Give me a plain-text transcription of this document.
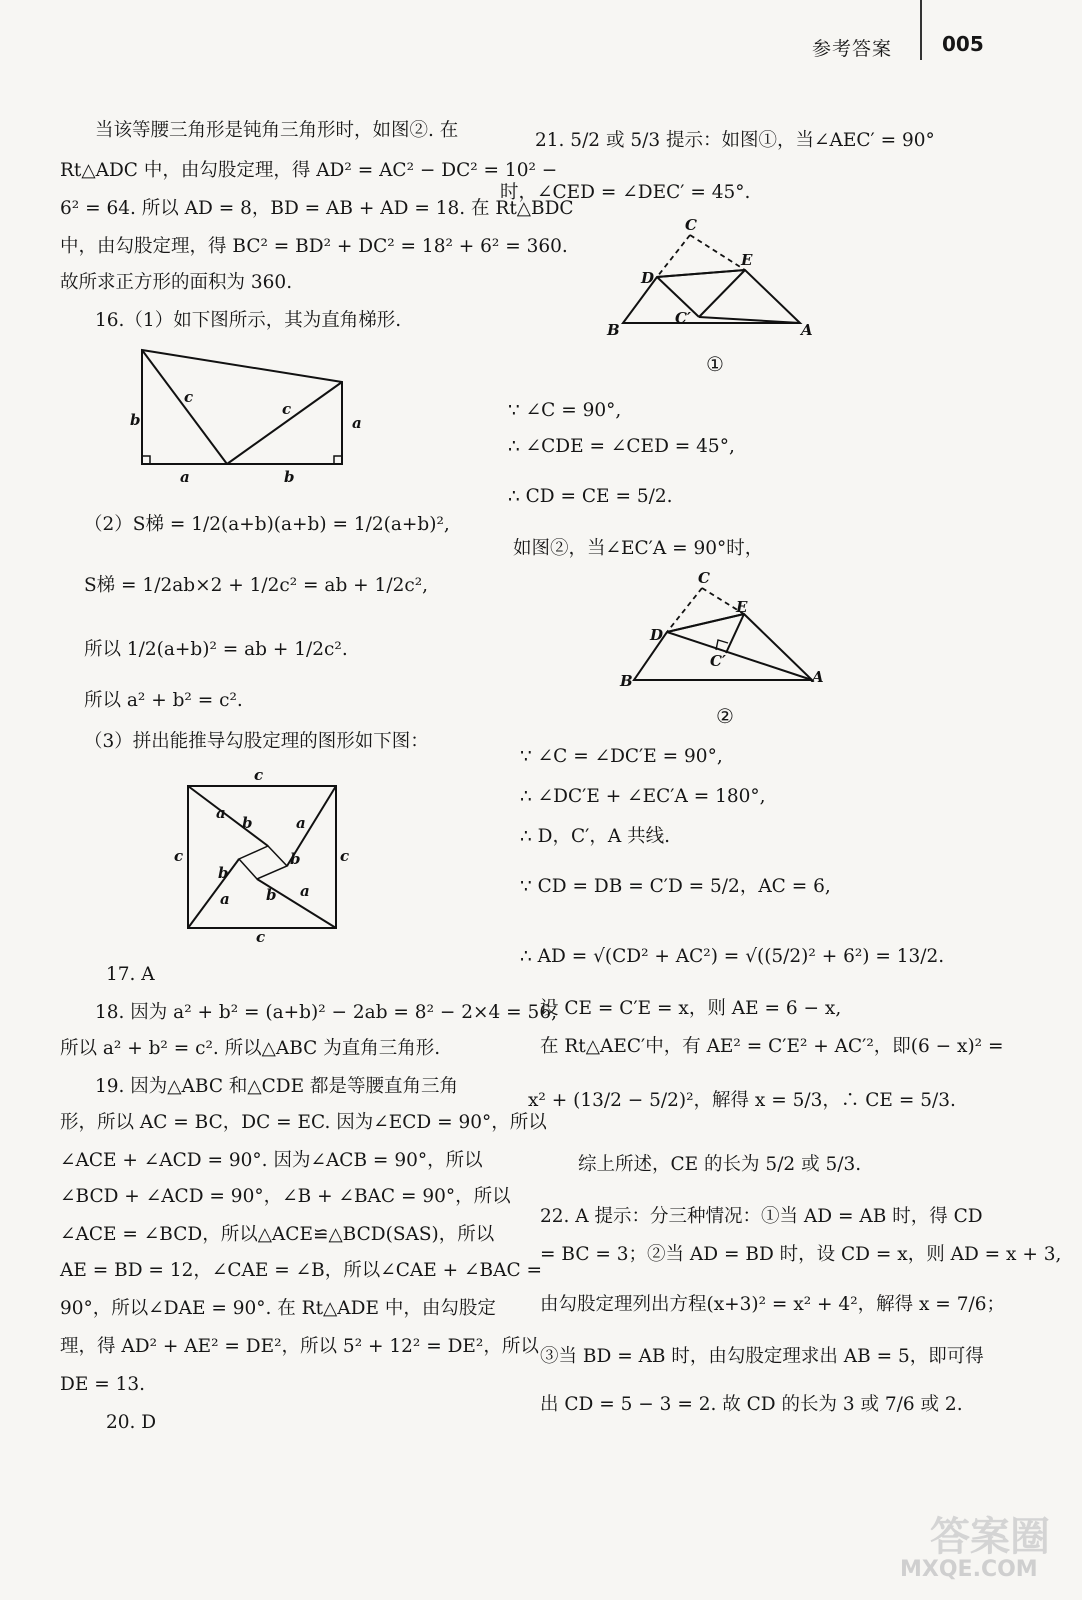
参考答案 005
当该等腰三角形是钝角三角形时，如图②. 在
Rt△ADC 中，由勾股定理，得 AD² = AC² − DC² = 10² −
6² = 64. 所以 AD = 8，BD = AB + AD = 18. 在 Rt△BDC
中，由勾股定理，得 BC² = BD² + DC² = 18² + 6² = 360.
故所求正方形的面积为 360.
16.（1）如下图所示，其为直角梯形.
b	a
c
c
a	b
（2）S梯 = 1/2(a+b)(a+b) = 1/2(a+b)²,
S梯 = 1/2ab×2 + 1/2c² = ab + 1/2c²,
所以 1/2(a+b)² = ab + 1/2c².
所以 a² + b² = c².
（3）拼出能推导勾股定理的图形如下图：
c
c	c
c
a
b	a
b
b
a b a
17. A
18. 因为 a² + b² = (a+b)² − 2ab = 8² − 2×4 = 56,
所以 a² + b² = c². 所以△ABC 为直角三角形.
19. 因为△ABC 和△CDE 都是等腰直角三角
形，所以 AC = BC，DC = EC. 因为∠ECD = 90°，所以
∠ACE + ∠ACD = 90°. 因为∠ACB = 90°，所以
∠BCD + ∠ACD = 90°，∠B + ∠BAC = 90°，所以
∠ACE = ∠BCD，所以△ACE≌△BCD(SAS)，所以
AE = BD = 12，∠CAE = ∠B，所以∠CAE + ∠BAC =
90°，所以∠DAE = 90°. 在 Rt△ADE 中，由勾股定
理，得 AD² + AE² = DE²，所以 5² + 12² = DE²，所以
DE = 13.
20. D
21. 5/2 或 5/3 提示：如图①，当∠AEC′ = 90°
时，∠CED = ∠DEC′ = 45°.
C
D
E
C′
B	A
①
∵ ∠C = 90°,
∴ ∠CDE = ∠CED = 45°,
∴ CD = CE = 5/2.
如图②，当∠EC′A = 90°时，
C
D
E
C′
B	A
②
∵ ∠C = ∠DC′E = 90°,
∴ ∠DC′E + ∠EC′A = 180°,
∴ D，C′，A 共线.
∵ CD = DB = C′D = 5/2，AC = 6,
∴ AD = √(CD² + AC²) = √((5/2)² + 6²) = 13/2.
设 CE = C′E = x，则 AE = 6 − x,
在 Rt△AEC′中，有 AE² = C′E² + AC′²，即(6 − x)² =
x² + (13/2 − 5/2)²，解得 x = 5/3，∴ CE = 5/3.
综上所述，CE 的长为 5/2 或 5/3.
22. A 提示：分三种情况：①当 AD = AB 时，得 CD
= BC = 3；②当 AD = BD 时，设 CD = x，则 AD = x + 3,
由勾股定理列出方程(x+3)² = x² + 4²，解得 x = 7/6；
③当 BD = AB 时，由勾股定理求出 AB = 5，即可得
出 CD = 5 − 3 = 2. 故 CD 的长为 3 或 7/6 或 2.
答案圈
MXQE.COM
